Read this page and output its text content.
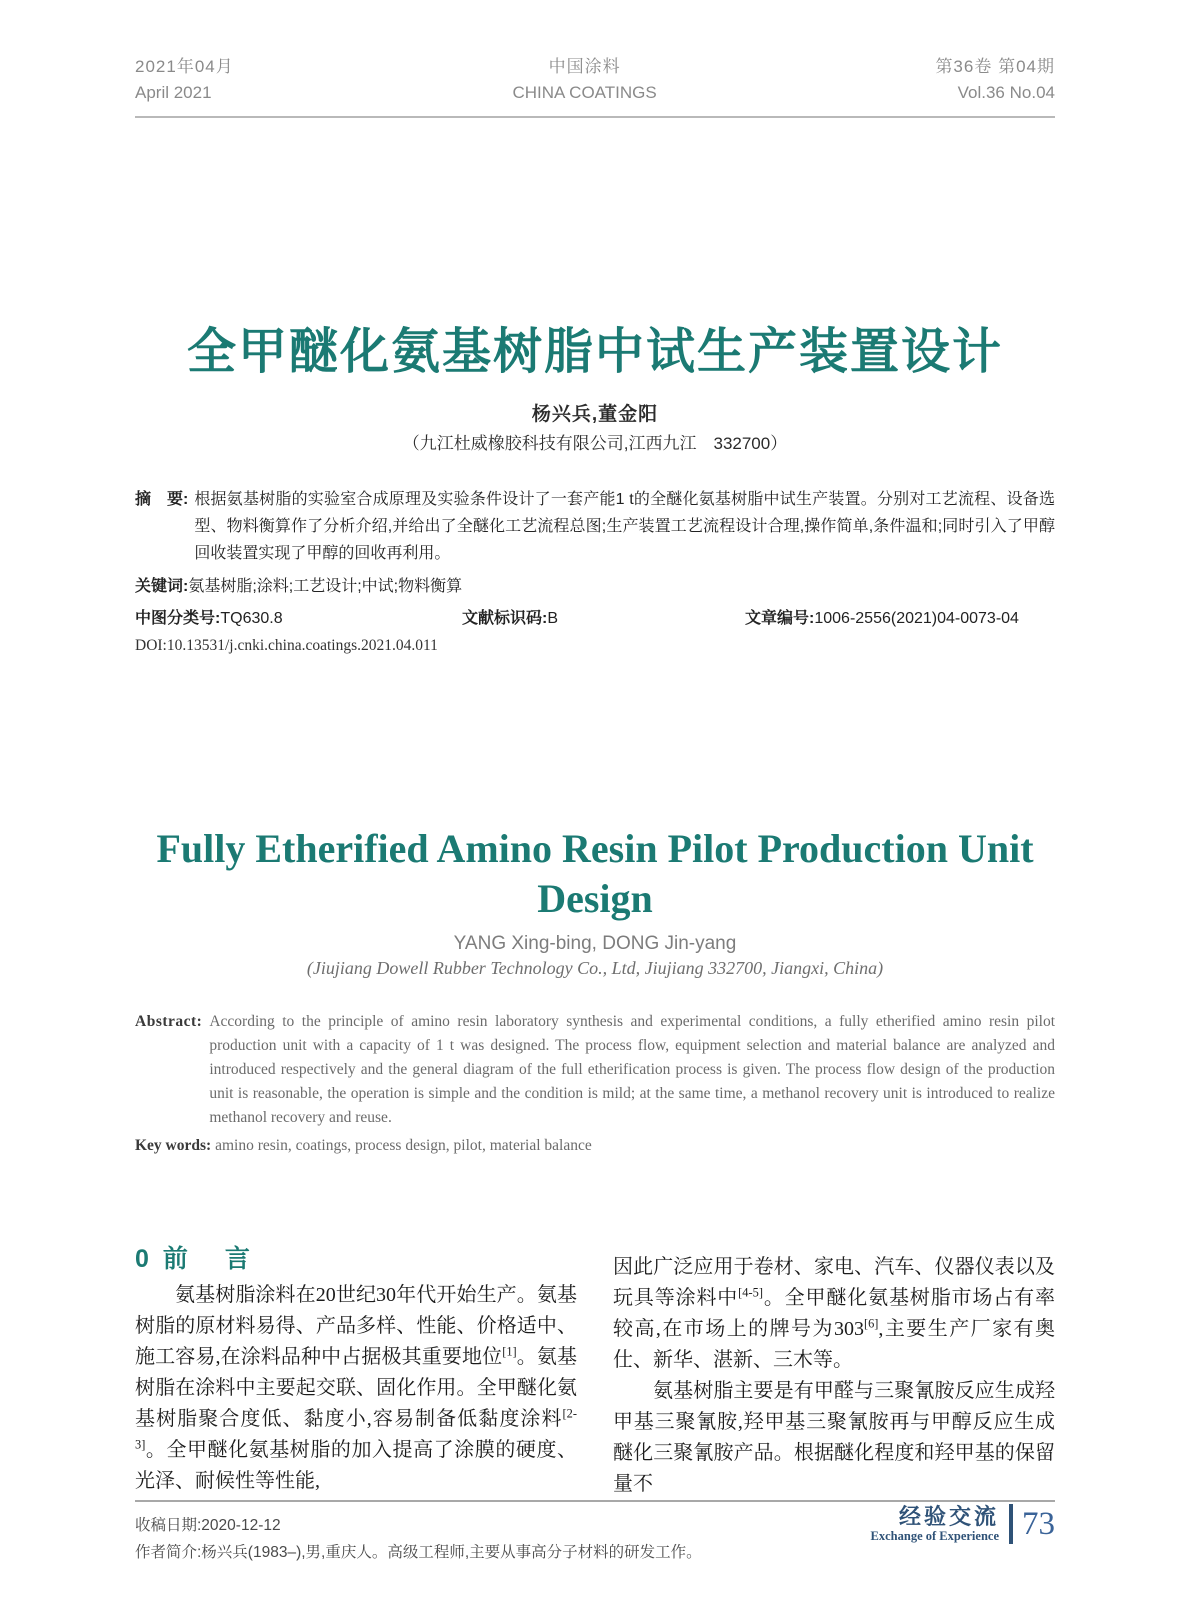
2021年04月
April 2021
中国涂料
CHINA COATINGS
第36卷 第04期
Vol.36 No.04
全甲醚化氨基树脂中试生产装置设计
杨兴兵,董金阳
（九江杜威橡胶科技有限公司,江西九江　332700）
摘　要: 根据氨基树脂的实验室合成原理及实验条件设计了一套产能1 t的全醚化氨基树脂中试生产装置。分别对工艺流程、设备选型、物料衡算作了分析介绍,并给出了全醚化工艺流程总图;生产装置工艺流程设计合理,操作简单,条件温和;同时引入了甲醇回收装置实现了甲醇的回收再利用。
关键词:氨基树脂;涂料;工艺设计;中试;物料衡算
中图分类号:TQ630.8	文献标识码:B	文章编号:1006-2556(2021)04-0073-04
DOI:10.13531/j.cnki.china.coatings.2021.04.011
Fully Etherified Amino Resin Pilot Production Unit Design
YANG Xing-bing, DONG Jin-yang
(Jiujiang Dowell Rubber Technology Co., Ltd, Jiujiang 332700, Jiangxi, China)
Abstract: According to the principle of amino resin laboratory synthesis and experimental conditions, a fully etherified amino resin pilot production unit with a capacity of 1 t was designed. The process flow, equipment selection and material balance are analyzed and introduced respectively and the general diagram of the full etherification process is given. The process flow design of the production unit is reasonable, the operation is simple and the condition is mild; at the same time, a methanol recovery unit is introduced to realize methanol recovery and reuse.
Key words: amino resin, coatings, process design, pilot, material balance
0 前　言

氨基树脂涂料在20世纪30年代开始生产。氨基树脂的原材料易得、产品多样、性能、价格适中、施工容易,在涂料品种中占据极其重要地位[1]。氨基树脂在涂料中主要起交联、固化作用。全甲醚化氨基树脂聚合度低、黏度小,容易制备低黏度涂料[2-3]。全甲醚化氨基树脂的加入提高了涂膜的硬度、光泽、耐候性等性能,

因此广泛应用于卷材、家电、汽车、仪器仪表以及玩具等涂料中[4-5]。全甲醚化氨基树脂市场占有率较高,在市场上的牌号为303[6],主要生产厂家有奥仕、新华、湛新、三木等。

氨基树脂主要是有甲醛与三聚氰胺反应生成羟甲基三聚氰胺,羟甲基三聚氰胺再与甲醇反应生成醚化三聚氰胺产品。根据醚化程度和羟甲基的保留量不

收稿日期:2020-12-12
作者简介:杨兴兵(1983–),男,重庆人。高级工程师,主要从事高分子材料的研发工作。
经验交流
Exchange of Experience 73
